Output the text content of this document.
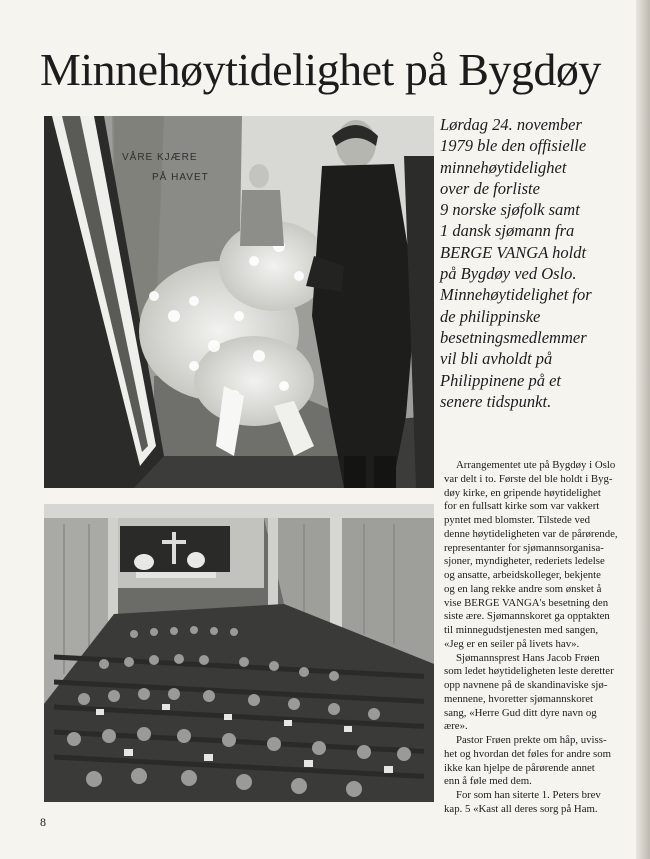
Minnehøytidelighet på Bygdøy
VÅRE KJÆRE
PÅ HAVET

Lørdag 24. november
1979 ble den offisielle
minnehøytidelighet
over de forliste
9 norske sjøfolk samt
1 dansk sjømann fra
BERGE VANGA holdt
på Bygdøy ved Oslo.
Minnehøytidelighet for
de philippinske
besetningsmedlemmer
vil bli avholdt på
Philippinene på et
senere tidspunkt.

Arrangementet ute på Bygdøy i Oslo
var delt i to. Første del ble holdt i Byg-
døy kirke, en gripende høytidelighet
for en fullsatt kirke som var vakkert
pyntet med blomster. Tilstede ved
denne høytideligheten var de pårørende,
representanter for sjømannsorganisa-
sjoner, myndigheter, rederiets ledelse
og ansatte, arbeidskolleger, bekjente
og en lang rekke andre som ønsket å
vise BERGE VANGA's besetning den
siste ære. Sjømannskoret ga opptakten
til minnegudstjenesten med sangen,
«Jeg er en seiler på livets hav».
Sjømannsprest Hans Jacob Frøen
som ledet høytideligheten leste deretter
opp navnene på de skandinaviske sjø-
mennene, hvoretter sjømannskoret
sang, «Herre Gud ditt dyre navn og
ære».
Pastor Frøen prekte om håp, uviss-
het og hvordan det føles for andre som
ikke kan hjelpe de pårørende annet
enn å føle med dem.
For som han siterte 1. Peters brev
kap. 5 «Kast all deres sorg på Ham.
8
